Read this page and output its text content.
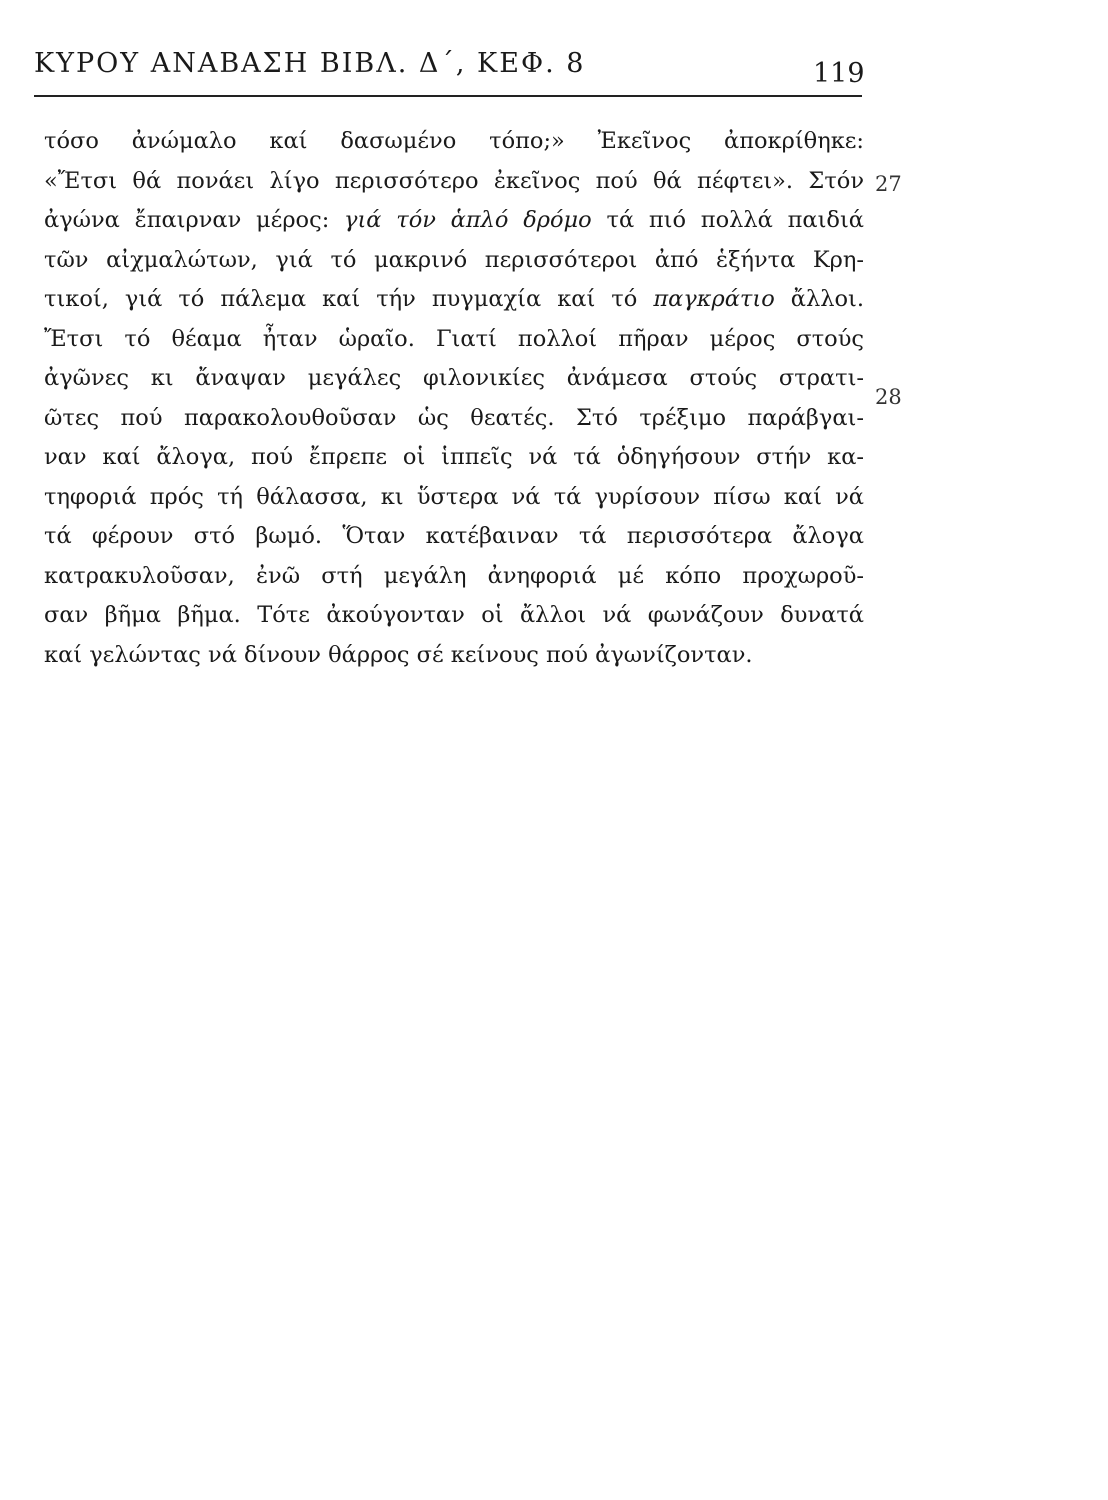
ΚΥΡΟΥ ΑΝΑΒΑΣΗ ΒΙΒΛ. Δ΄, ΚΕΦ. 8	119
τόσο ἀνώμαλο καί δασωμένο τόπο;» Ἐκεῖνος ἀποκρίθηκε:
«Ἔτσι θά πονάει λίγο περισσότερο ἐκεῖνος πού θά πέφτει». Στόν
ἀγώνα ἔπαιρναν μέρος: γιά τόν ἁπλό δρόμο τά πιό πολλά παιδιά
τῶν αἰχμαλώτων, γιά τό μακρινό περισσότεροι ἀπό ἑξήντα Κρη-
τικοί, γιά τό πάλεμα καί τήν πυγμαχία καί τό παγκράτιο ἄλλοι.
Ἔτσι τό θέαμα ἦταν ὡραῖο. Γιατί πολλοί πῆραν μέρος στούς
ἀγῶνες κι ἄναψαν μεγάλες φιλονικίες ἀνάμεσα στούς στρατι-
ῶτες πού παρακολουθοῦσαν ὡς θεατές. Στό τρέξιμο παράβγαι-
ναν καί ἄλογα, πού ἔπρεπε οἱ ἱππεῖς νά τά ὁδηγήσουν στήν κα-
τηφοριά πρός τή θάλασσα, κι ὕστερα νά τά γυρίσουν πίσω καί νά
τά φέρουν στό βωμό. Ὅταν κατέβαιναν τά περισσότερα ἄλογα
κατρακυλοῦσαν, ἐνῶ στή μεγάλη ἀνηφοριά μέ κόπο προχωροῦ-
σαν βῆμα βῆμα. Τότε ἀκούγονταν οἱ ἄλλοι νά φωνάζουν δυνατά
καί γελώντας νά δίνουν θάρρος σέ κείνους πού ἀγωνίζονταν.
27
28
